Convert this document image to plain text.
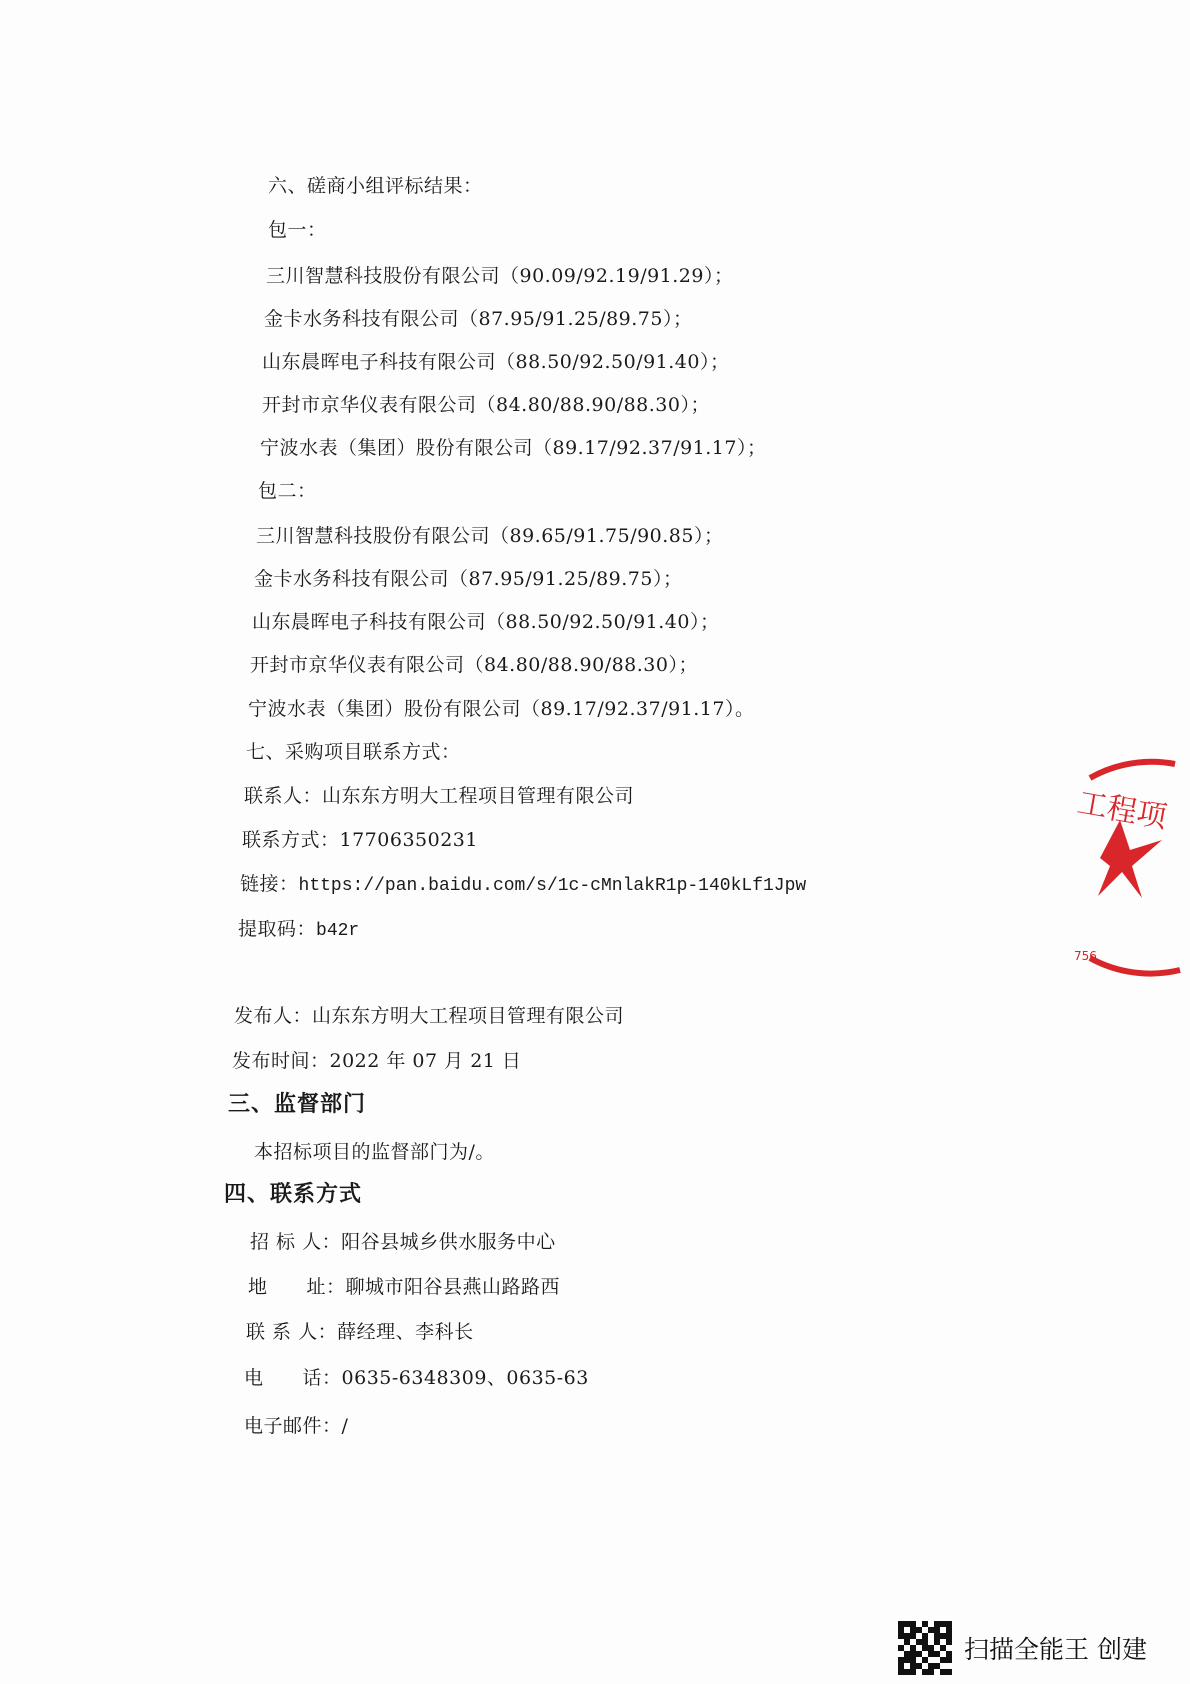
六、磋商小组评标结果：
包一：
三川智慧科技股份有限公司（90.09/92.19/91.29）；
金卡水务科技有限公司（87.95/91.25/89.75）；
山东晨晖电子科技有限公司（88.50/92.50/91.40）；
开封市京华仪表有限公司（84.80/88.90/88.30）；
宁波水表（集团）股份有限公司（89.17/92.37/91.17）；
包二：
三川智慧科技股份有限公司（89.65/91.75/90.85）；
金卡水务科技有限公司（87.95/91.25/89.75）；
山东晨晖电子科技有限公司（88.50/92.50/91.40）；
开封市京华仪表有限公司（84.80/88.90/88.30）；
宁波水表（集团）股份有限公司（89.17/92.37/91.17）。
七、采购项目联系方式：
联系人：山东东方明大工程项目管理有限公司
联系方式：17706350231
链接：https://pan.baidu.com/s/1c-cMnlakR1p-140kLf1Jpw
提取码：b42r
发布人：山东东方明大工程项目管理有限公司
发布时间：2022 年 07 月 21 日
三、监督部门
本招标项目的监督部门为/。
四、联系方式
招 标 人：阳谷县城乡供水服务中心
地　　址：聊城市阳谷县燕山路路西
联 系 人：薛经理、李科长
电　　话：0635-6348309、0635-63
电子邮件：/
工程项
756
扫描全能王 创建
